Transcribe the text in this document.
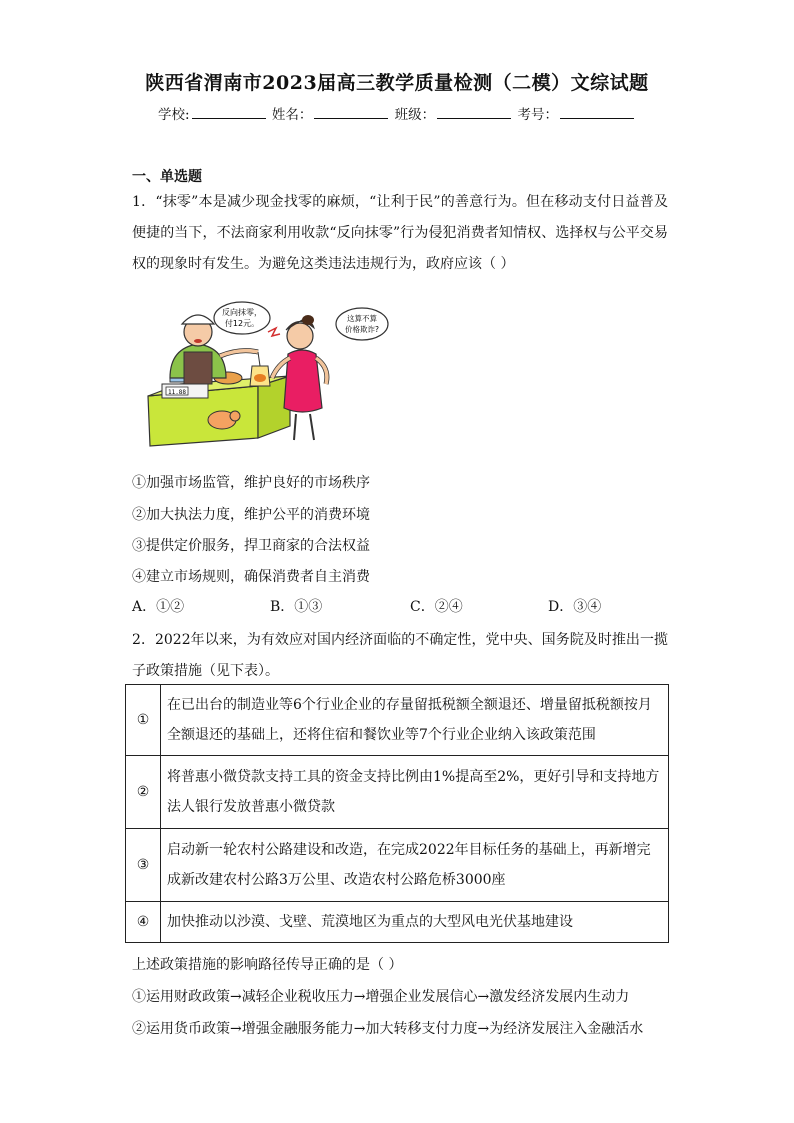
陕西省渭南市2023届高三教学质量检测（二模）文综试题
学校:	姓名：	班级：	考号：
一、单选题
1．“抹零”本是减少现金找零的麻烦，“让利于民”的善意行为。但在移动支付日益普及便捷的当下，不法商家利用收款“反向抹零”行为侵犯消费者知情权、选择权与公平交易权的现象时有发生。为避免这类违法违规行为，政府应该（ ）
11.88
反向抹零，
付12元。
这算不算
价格欺诈?
①加强市场监管，维护良好的市场秩序
②加大执法力度，维护公平的消费环境
③提供定价服务，捍卫商家的合法权益
④建立市场规则，确保消费者自主消费
A．①②	B．①③	C．②④	D．③④
2．2022年以来，为有效应对国内经济面临的不确定性，党中央、国务院及时推出一揽子政策措施（见下表）。
①	在已出台的制造业等6个行业企业的存量留抵税额全额退还、增量留抵税额按月全额退还的基础上，还将住宿和餐饮业等7个行业企业纳入该政策范围
②	将普惠小微贷款支持工具的资金支持比例由1%提高至2%，更好引导和支持地方法人银行发放普惠小微贷款
③	启动新一轮农村公路建设和改造，在完成2022年目标任务的基础上，再新增完成新改建农村公路3万公里、改造农村公路危桥3000座
④	加快推动以沙漠、戈壁、荒漠地区为重点的大型风电光伏基地建设
上述政策措施的影响路径传导正确的是（ ）
①运用财政政策→减轻企业税收压力→增强企业发展信心→激发经济发展内生动力
②运用货币政策→增强金融服务能力→加大转移支付力度→为经济发展注入金融活水
